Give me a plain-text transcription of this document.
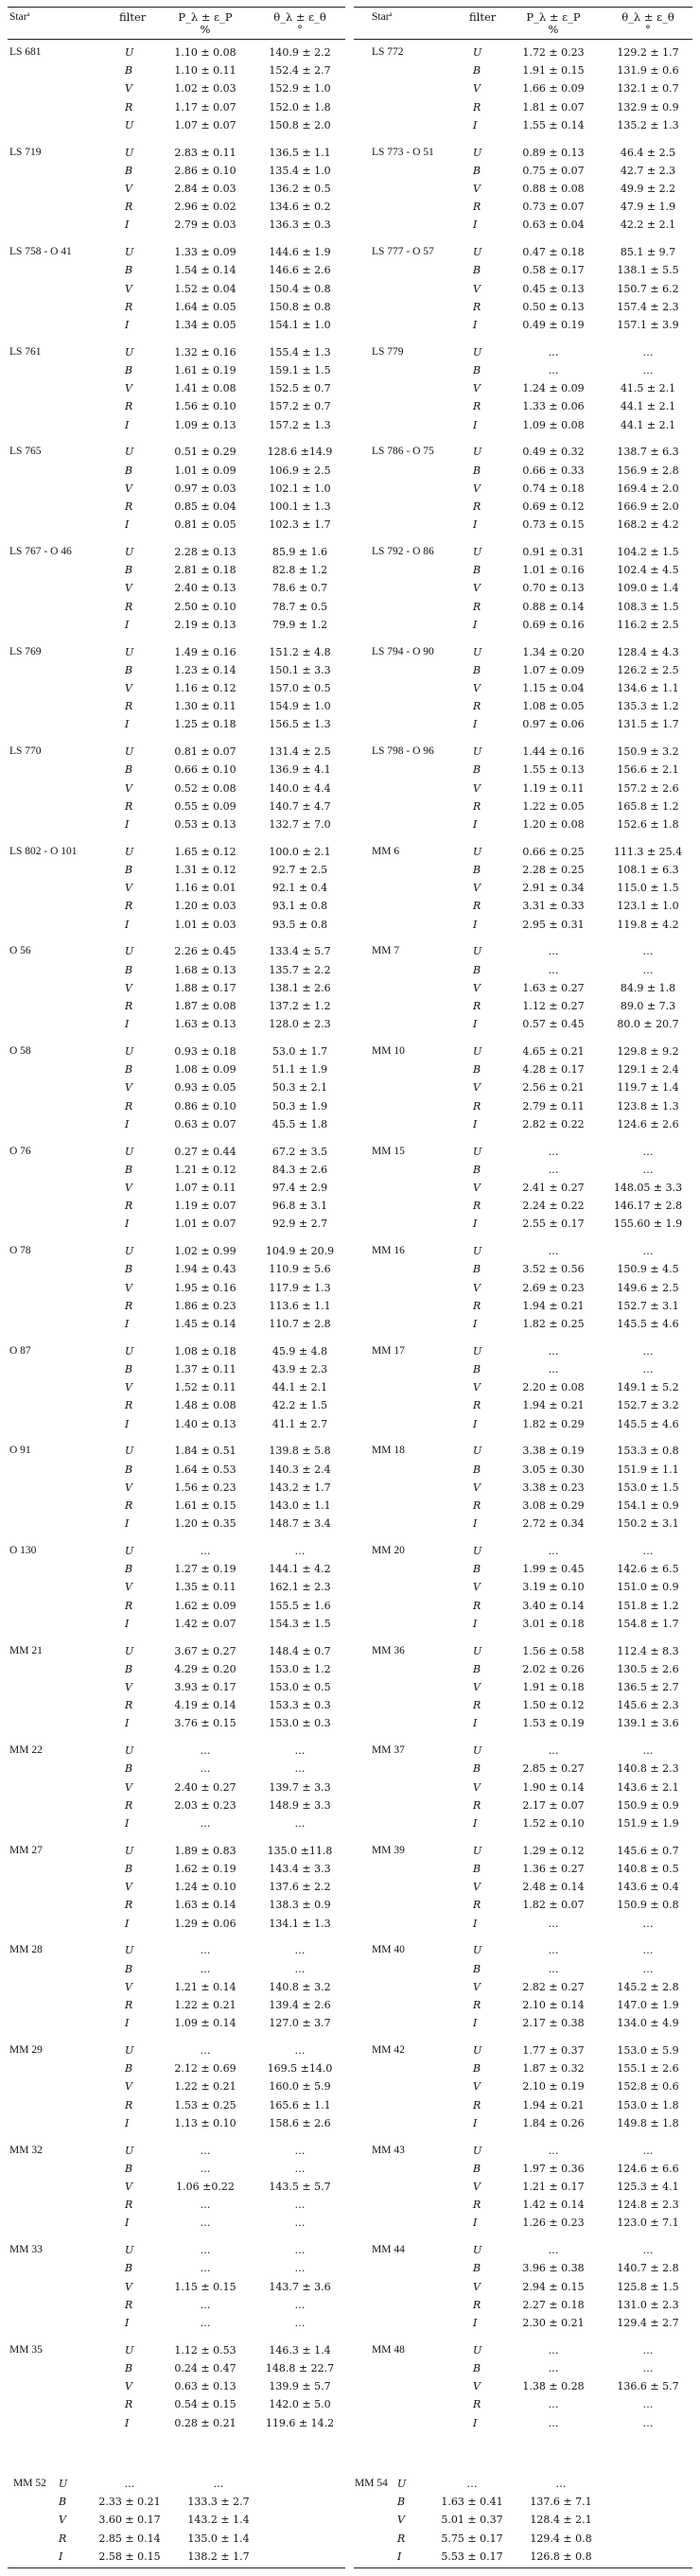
Star$^a$	filter	P_λ ± ε_P	θ_λ ± ε_θ
%	°
Star$^a$	filter	P_λ ± ε_P	θ_λ ± ε_θ
%	°
LS 681	U	1.10 ± 0.08	140.9 ± 2.2
B	1.10 ± 0.11	152.4 ± 2.7
V	1.02 ± 0.03	152.9 ± 1.0
R	1.17 ± 0.07	152.0 ± 1.8
U	1.07 ± 0.07	150.8 ± 2.0
LS 719	U	2.83 ± 0.11	136.5 ± 1.1
B	2.86 ± 0.10	135.4 ± 1.0
V	2.84 ± 0.03	136.2 ± 0.5
R	2.96 ± 0.02	134.6 ± 0.2
I	2.79 ± 0.03	136.3 ± 0.3
LS 758 - O 41	U	1.33 ± 0.09	144.6 ± 1.9
B	1.54 ± 0.14	146.6 ± 2.6
V	1.52 ± 0.04	150.4 ± 0.8
R	1.64 ± 0.05	150.8 ± 0.8
I	1.34 ± 0.05	154.1 ± 1.0
LS 761	U	1.32 ± 0.16	155.4 ± 1.3
B	1.61 ± 0.19	159.1 ± 1.5
V	1.41 ± 0.08	152.5 ± 0.7
R	1.56 ± 0.10	157.2 ± 0.7
I	1.09 ± 0.13	157.2 ± 1.3
LS 765	U	0.51 ± 0.29	128.6 ±14.9
B	1.01 ± 0.09	106.9 ± 2.5
V	0.97 ± 0.03	102.1 ± 1.0
R	0.85 ± 0.04	100.1 ± 1.3
I	0.81 ± 0.05	102.3 ± 1.7
LS 767 - O 46	U	2.28 ± 0.13	85.9 ± 1.6
B	2.81 ± 0.18	82.8 ± 1.2
V	2.40 ± 0.13	78.6 ± 0.7
R	2.50 ± 0.10	78.7 ± 0.5
I	2.19 ± 0.13	79.9 ± 1.2
LS 769	U	1.49 ± 0.16	151.2 ± 4.8
B	1.23 ± 0.14	150.1 ± 3.3
V	1.16 ± 0.12	157.0 ± 0.5
R	1.30 ± 0.11	154.9 ± 1.0
I	1.25 ± 0.18	156.5 ± 1.3
LS 770	U	0.81 ± 0.07	131.4 ± 2.5
B	0.66 ± 0.10	136.9 ± 4.1
V	0.52 ± 0.08	140.0 ± 4.4
R	0.55 ± 0.09	140.7 ± 4.7
I	0.53 ± 0.13	132.7 ± 7.0
LS 802 - O 101	U	1.65 ± 0.12	100.0 ± 2.1
B	1.31 ± 0.12	92.7 ± 2.5
V	1.16 ± 0.01	92.1 ± 0.4
R	1.20 ± 0.03	93.1 ± 0.8
I	1.01 ± 0.03	93.5 ± 0.8
O 56	U	2.26 ± 0.45	133.4 ± 5.7
B	1.68 ± 0.13	135.7 ± 2.2
V	1.88 ± 0.17	138.1 ± 2.6
R	1.87 ± 0.08	137.2 ± 1.2
I	1.63 ± 0.13	128.0 ± 2.3
O 58	U	0.93 ± 0.18	53.0 ± 1.7
B	1.08 ± 0.09	51.1 ± 1.9
V	0.93 ± 0.05	50.3 ± 2.1
R	0.86 ± 0.10	50.3 ± 1.9
I	0.63 ± 0.07	45.5 ± 1.8
O 76	U	0.27 ± 0.44	67.2 ± 3.5
B	1.21 ± 0.12	84.3 ± 2.6
V	1.07 ± 0.11	97.4 ± 2.9
R	1.19 ± 0.07	96.8 ± 3.1
I	1.01 ± 0.07	92.9 ± 2.7
O 78	U	1.02 ± 0.99	104.9 ± 20.9
B	1.94 ± 0.43	110.9 ± 5.6
V	1.95 ± 0.16	117.9 ± 1.3
R	1.86 ± 0.23	113.6 ± 1.1
I	1.45 ± 0.14	110.7 ± 2.8
O 87	U	1.08 ± 0.18	45.9 ± 4.8
B	1.37 ± 0.11	43.9 ± 2.3
V	1.52 ± 0.11	44.1 ± 2.1
R	1.48 ± 0.08	42.2 ± 1.5
I	1.40 ± 0.13	41.1 ± 2.7
O 91	U	1.84 ± 0.51	139.8 ± 5.8
B	1.64 ± 0.53	140.3 ± 2.4
V	1.56 ± 0.23	143.2 ± 1.7
R	1.61 ± 0.15	143.0 ± 1.1
I	1.20 ± 0.35	148.7 ± 3.4
O 130	U	…	…
B	1.27 ± 0.19	144.1 ± 4.2
V	1.35 ± 0.11	162.1 ± 2.3
R	1.62 ± 0.09	155.5 ± 1.6
I	1.42 ± 0.07	154.3 ± 1.5
MM 21	U	3.67 ± 0.27	148.4 ± 0.7
B	4.29 ± 0.20	153.0 ± 1.2
V	3.93 ± 0.17	153.0 ± 0.5
R	4.19 ± 0.14	153.3 ± 0.3
I	3.76 ± 0.15	153.0 ± 0.3
MM 22	U	…	…
B	…	…
V	2.40 ± 0.27	139.7 ± 3.3
R	2.03 ± 0.23	148.9 ± 3.3
I	…	…
MM 27	U	1.89 ± 0.83	135.0 ±11.8
B	1.62 ± 0.19	143.4 ± 3.3
V	1.24 ± 0.10	137.6 ± 2.2
R	1.63 ± 0.14	138.3 ± 0.9
I	1.29 ± 0.06	134.1 ± 1.3
MM 28	U	…	…
B	…	…
V	1.21 ± 0.14	140.8 ± 3.2
R	1.22 ± 0.21	139.4 ± 2.6
I	1.09 ± 0.14	127.0 ± 3.7
MM 29	U	…	…
B	2.12 ± 0.69	169.5 ±14.0
V	1.22 ± 0.21	160.0 ± 5.9
R	1.53 ± 0.25	165.6 ± 1.1
I	1.13 ± 0.10	158.6 ± 2.6
MM 32	U	…	…
B	…	…
V	1.06 ±0.22	143.5 ± 5.7
R	…	…
I	…	…
MM 33	U	…	…
B	…	…
V	1.15 ± 0.15	143.7 ± 3.6
R	…	…
I	…	…
MM 35	U	1.12 ± 0.53	146.3 ± 1.4
B	0.24 ± 0.47	148.8 ± 22.7
V	0.63 ± 0.13	139.9 ± 5.7
R	0.54 ± 0.15	142.0 ± 5.0
I	0.28 ± 0.21	119.6 ± 14.2
MM 52 U	…	…
B	2.33 ± 0.21	133.3 ± 2.7
V	3.60 ± 0.17	143.2 ± 1.4
R	2.85 ± 0.14	135.0 ± 1.4
I	2.58 ± 0.15	138.2 ± 1.7
LS 772	U	1.72 ± 0.23	129.2 ± 1.7
B	1.91 ± 0.15	131.9 ± 0.6
V	1.66 ± 0.09	132.1 ± 0.7
R	1.81 ± 0.07	132.9 ± 0.9
I	1.55 ± 0.14	135.2 ± 1.3
LS 773 - O 51	U	0.89 ± 0.13	46.4 ± 2.5
B	0.75 ± 0.07	42.7 ± 2.3
V	0.88 ± 0.08	49.9 ± 2.2
R	0.73 ± 0.07	47.9 ± 1.9
I	0.63 ± 0.04	42.2 ± 2.1
LS 777 - O 57	U	0.47 ± 0.18	85.1 ± 9.7
B	0.58 ± 0.17	138.1 ± 5.5
V	0.45 ± 0.13	150.7 ± 6.2
R	0.50 ± 0.13	157.4 ± 2.3
I	0.49 ± 0.19	157.1 ± 3.9
LS 779	U	…	…
B	…	…
V	1.24 ± 0.09	41.5 ± 2.1
R	1.33 ± 0.06	44.1 ± 2.1
I	1.09 ± 0.08	44.1 ± 2.1
LS 786 - O 75	U	0.49 ± 0.32	138.7 ± 6.3
B	0.66 ± 0.33	156.9 ± 2.8
V	0.74 ± 0.18	169.4 ± 2.0
R	0.69 ± 0.12	166.9 ± 2.0
I	0.73 ± 0.15	168.2 ± 4.2
LS 792 - O 86	U	0.91 ± 0.31	104.2 ± 1.5
B	1.01 ± 0.16	102.4 ± 4.5
V	0.70 ± 0.13	109.0 ± 1.4
R	0.88 ± 0.14	108.3 ± 1.5
I	0.69 ± 0.16	116.2 ± 2.5
LS 794 - O 90	U	1.34 ± 0.20	128.4 ± 4.3
B	1.07 ± 0.09	126.2 ± 2.5
V	1.15 ± 0.04	134.6 ± 1.1
R	1.08 ± 0.05	135.3 ± 1.2
I	0.97 ± 0.06	131.5 ± 1.7
LS 798 - O 96	U	1.44 ± 0.16	150.9 ± 3.2
B	1.55 ± 0.13	156.6 ± 2.1
V	1.19 ± 0.11	157.2 ± 2.6
R	1.22 ± 0.05	165.8 ± 1.2
I	1.20 ± 0.08	152.6 ± 1.8
MM 6	U	0.66 ± 0.25	111.3 ± 25.4
B	2.28 ± 0.25	108.1 ± 6.3
V	2.91 ± 0.34	115.0 ± 1.5
R	3.31 ± 0.33	123.1 ± 1.0
I	2.95 ± 0.31	119.8 ± 4.2
MM 7	U	…	…
B	…	…
V	1.63 ± 0.27	84.9 ± 1.8
R	1.12 ± 0.27	89.0 ± 7.3
I	0.57 ± 0.45	80.0 ± 20.7
MM 10	U	4.65 ± 0.21	129.8 ± 9.2
B	4.28 ± 0.17	129.1 ± 2.4
V	2.56 ± 0.21	119.7 ± 1.4
R	2.79 ± 0.11	123.8 ± 1.3
I	2.82 ± 0.22	124.6 ± 2.6
MM 15	U	…	…
B	…	…
V	2.41 ± 0.27	148.05 ± 3.3
R	2.24 ± 0.22	146.17 ± 2.8
I	2.55 ± 0.17	155.60 ± 1.9
MM 16	U	…	…
B	3.52 ± 0.56	150.9 ± 4.5
V	2.69 ± 0.23	149.6 ± 2.5
R	1.94 ± 0.21	152.7 ± 3.1
I	1.82 ± 0.25	145.5 ± 4.6
MM 17	U	…	…
B	…	…
V	2.20 ± 0.08	149.1 ± 5.2
R	1.94 ± 0.21	152.7 ± 3.2
I	1.82 ± 0.29	145.5 ± 4.6
MM 18	U	3.38 ± 0.19	153.3 ± 0.8
B	3.05 ± 0.30	151.9 ± 1.1
V	3.38 ± 0.23	153.0 ± 1.5
R	3.08 ± 0.29	154.1 ± 0.9
I	2.72 ± 0.34	150.2 ± 3.1
MM 20	U	…	…
B	1.99 ± 0.45	142.6 ± 6.5
V	3.19 ± 0.10	151.0 ± 0.9
R	3.40 ± 0.14	151.8 ± 1.2
I	3.01 ± 0.18	154.8 ± 1.7
MM 36	U	1.56 ± 0.58	112.4 ± 8.3
B	2.02 ± 0.26	130.5 ± 2.6
V	1.91 ± 0.18	136.5 ± 2.7
R	1.50 ± 0.12	145.6 ± 2.3
I	1.53 ± 0.19	139.1 ± 3.6
MM 37	U	…	…
B	2.85 ± 0.27	140.8 ± 2.3
V	1.90 ± 0.14	143.6 ± 2.1
R	2.17 ± 0.07	150.9 ± 0.9
I	1.52 ± 0.10	151.9 ± 1.9
MM 39	U	1.29 ± 0.12	145.6 ± 0.7
B	1.36 ± 0.27	140.8 ± 0.5
V	2.48 ± 0.14	143.6 ± 0.4
R	1.82 ± 0.07	150.9 ± 0.8
I	…	…
MM 40	U	…	…
B	…	…
V	2.82 ± 0.27	145.2 ± 2.8
R	2.10 ± 0.14	147.0 ± 1.9
I	2.17 ± 0.38	134.0 ± 4.9
MM 42	U	1.77 ± 0.37	153.0 ± 5.9
B	1.87 ± 0.32	155.1 ± 2.6
V	2.10 ± 0.19	152.8 ± 0.6
R	1.94 ± 0.21	153.0 ± 1.8
I	1.84 ± 0.26	149.8 ± 1.8
MM 43	U	…	…
B	1.97 ± 0.36	124.6 ± 6.6
V	1.21 ± 0.17	125.3 ± 4.1
R	1.42 ± 0.14	124.8 ± 2.3
I	1.26 ± 0.23	123.0 ± 7.1
MM 44	U	…	…
B	3.96 ± 0.38	140.7 ± 2.8
V	2.94 ± 0.15	125.8 ± 1.5
R	2.27 ± 0.18	131.0 ± 2.3
I	2.30 ± 0.21	129.4 ± 2.7
MM 48	U	…	…
B	…	…
V	1.38 ± 0.28	136.6 ± 5.7
R	…	…
I	…	…
MM 54 U	…	…
B	1.63 ± 0.41	137.6 ± 7.1
V	5.01 ± 0.37	128.4 ± 2.1
R	5.75 ± 0.17	129.4 ± 0.8
I	5.53 ± 0.17	126.8 ± 0.8
